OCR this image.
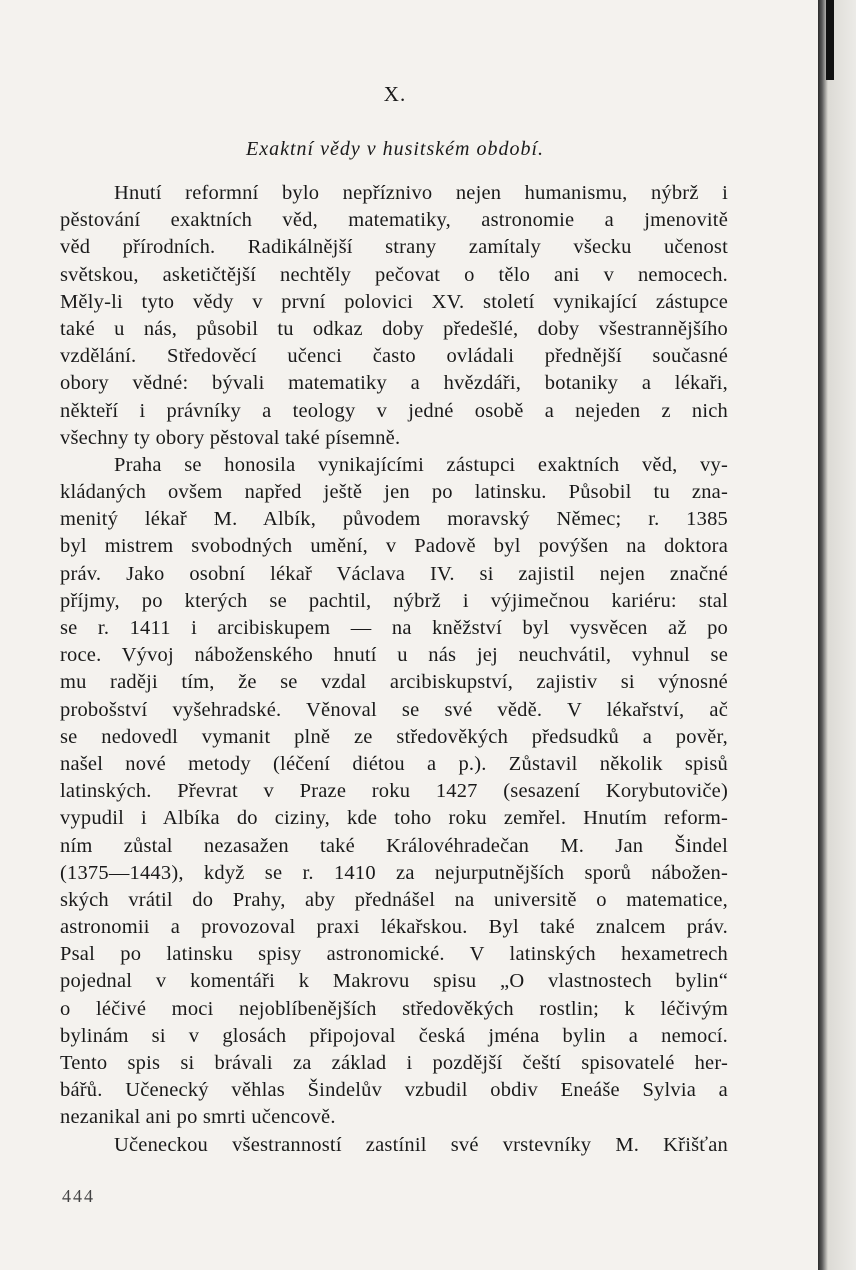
X.
Exaktní vědy v husitském období.
Hnutí reformní bylo nepříznivo nejen humanismu, nýbrž i
pěstování exaktních věd, matematiky, astronomie a jmenovitě
věd přírodních. Radikálnější strany zamítaly všecku učenost
světskou, asketičtější nechtěly pečovat o tělo ani v nemocech.
Měly-li tyto vědy v první polovici XV. století vynikající zástupce
také u nás, působil tu odkaz doby předešlé, doby všestrannějšího
vzdělání. Středověcí učenci často ovládali přednější současné
obory vědné: bývali matematiky a hvězdáři, botaniky a lékaři,
někteří i právníky a teology v jedné osobě a nejeden z nich
všechny ty obory pěstoval také písemně.
Praha se honosila vynikajícími zástupci exaktních věd, vy-
kládaných ovšem napřed ještě jen po latinsku. Působil tu zna-
menitý lékař M. Albík, původem moravský Němec; r. 1385
byl mistrem svobodných umění, v Padově byl povýšen na doktora
práv. Jako osobní lékař Václava IV. si zajistil nejen značné
příjmy, po kterých se pachtil, nýbrž i výjimečnou kariéru: stal
se r. 1411 i arcibiskupem — na kněžství byl vysvěcen až po
roce. Vývoj náboženského hnutí u nás jej neuchvátil, vyhnul se
mu raději tím, že se vzdal arcibiskupství, zajistiv si výnosné
probošství vyšehradské. Věnoval se své vědě. V lékařství, ač
se nedovedl vymanit plně ze středověkých předsudků a pověr,
našel nové metody (léčení diétou a p.). Zůstavil několik spisů
latinských. Převrat v Praze roku 1427 (sesazení Korybutoviče)
vypudil i Albíka do ciziny, kde toho roku zemřel. Hnutím reform-
ním zůstal nezasažen také Královéhradečan M. Jan Šindel
(1375—1443), když se r. 1410 za nejurputnějších sporů nábožen-
ských vrátil do Prahy, aby přednášel na universitě o matematice,
astronomii a provozoval praxi lékařskou. Byl také znalcem práv.
Psal po latinsku spisy astronomické. V latinských hexametrech
pojednal v komentáři k Makrovu spisu „O vlastnostech bylin“
o léčivé moci nejoblíbenějších středověkých rostlin; k léčivým
bylinám si v glosách připojoval česká jména bylin a nemocí.
Tento spis si brávali za základ i pozdější čeští spisovatelé her-
bářů. Učenecký věhlas Šindelův vzbudil obdiv Eneáše Sylvia a
nezanikal ani po smrti učencově.
Učeneckou všestranností zastínil své vrstevníky M. Křišťan
444
